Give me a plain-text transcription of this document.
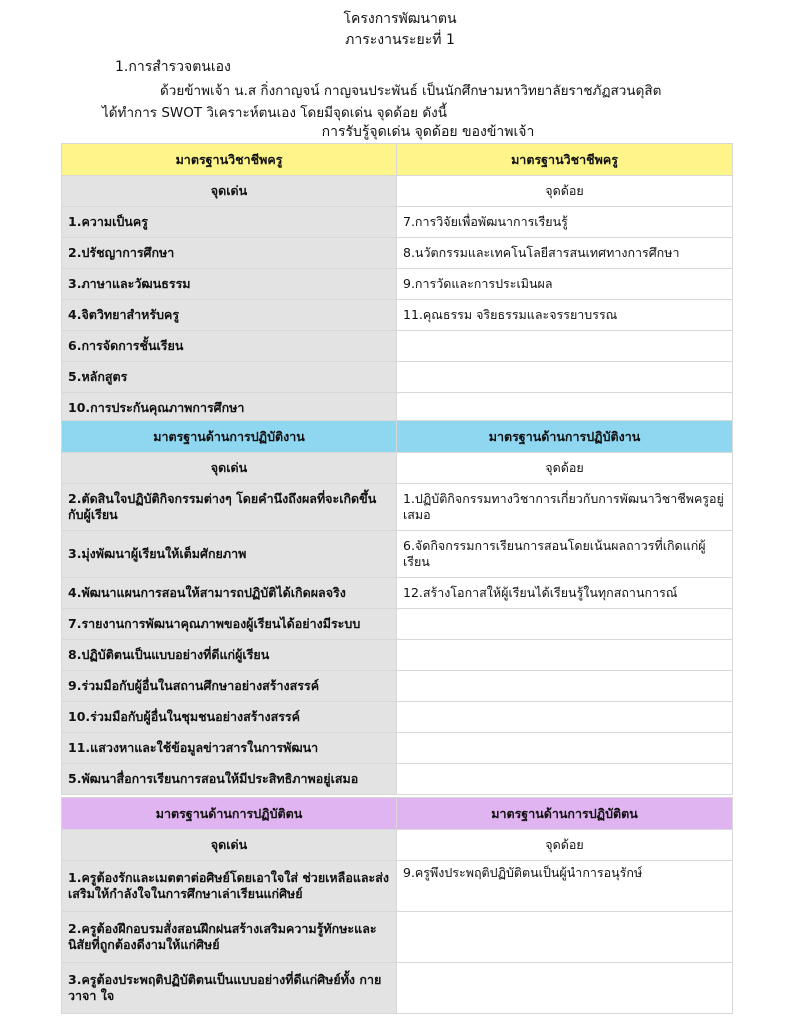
โครงการพัฒนาตน
ภาระงานระยะที่ 1
1.การสำรวจตนเอง
ด้วยข้าพเจ้า น.ส กิ่งกาญจน์ กาญจนประพันธ์ เป็นนักศึกษามหาวิทยาลัยราชภัฏสวนดุสิต
ได้ทำการ SWOT วิเคราะห์ตนเอง โดยมีจุดเด่น จุดด้อย ดังนี้
การรับรู้จุดเด่น จุดด้อย ของข้าพเจ้า
มาตรฐานวิชาชีพครู	มาตรฐานวิชาชีพครู
จุดเด่น	จุดด้อย
1.ความเป็นครู	7.การวิจัยเพื่อพัฒนาการเรียนรู้
2.ปรัชญาการศึกษา	8.นวัตกรรมและเทคโนโลยีสารสนเทศทางการศึกษา
3.ภาษาและวัฒนธรรม	9.การวัดและการประเมินผล
4.จิตวิทยาสำหรับครู	11.คุณธรรม จริยธรรมและจรรยาบรรณ
6.การจัดการชั้นเรียน	
5.หลักสูตร	
10.การประกันคุณภาพการศึกษา	
มาตรฐานด้านการปฏิบัติงาน	มาตรฐานด้านการปฏิบัติงาน
จุดเด่น	จุดด้อย
2.ตัดสินใจปฏิบัติกิจกรรมต่างๆ โดยคำนึงถึงผลที่จะเกิดขึ้นกับผู้เรียน	1.ปฏิบัติกิจกรรมทางวิชาการเกี่ยวกับการพัฒนาวิชาชีพครูอยู่เสมอ
3.มุ่งพัฒนาผู้เรียนให้เต็มศักยภาพ	6.จัดกิจกรรมการเรียนการสอนโดยเน้นผลถาวรที่เกิดแก่ผู้เรียน
4.พัฒนาแผนการสอนให้สามารถปฏิบัติได้เกิดผลจริง	12.สร้างโอกาสให้ผู้เรียนได้เรียนรู้ในทุกสถานการณ์
7.รายงานการพัฒนาคุณภาพของผู้เรียนได้อย่างมีระบบ	
8.ปฏิบัติตนเป็นแบบอย่างที่ดีแก่ผู้เรียน	
9.ร่วมมือกับผู้อื่นในสถานศึกษาอย่างสร้างสรรค์	
10.ร่วมมือกับผู้อื่นในชุมชนอย่างสร้างสรรค์	
11.แสวงหาและใช้ข้อมูลข่าวสารในการพัฒนา	
5.พัฒนาสื่อการเรียนการสอนให้มีประสิทธิภาพอยู่เสมอ	
มาตรฐานด้านการปฏิบัติตน	มาตรฐานด้านการปฏิบัติตน
จุดเด่น	จุดด้อย
1.ครูต้องรักและเมตตาต่อศิษย์โดยเอาใจใส่ ช่วยเหลือและส่งเสริมให้กำลังใจในการศึกษาเล่าเรียนแก่ศิษย์	9.ครูพึงประพฤติปฏิบัติตนเป็นผู้นำการอนุรักษ์
2.ครูต้องฝึกอบรมสั่งสอนฝึกฝนสร้างเสริมความรู้ทักษะและนิสัยที่ถูกต้องดีงามให้แก่ศิษย์	
3.ครูต้องประพฤติปฏิบัติตนเป็นแบบอย่างที่ดีแก่ศิษย์ทั้ง กาย วาจา ใจ	
